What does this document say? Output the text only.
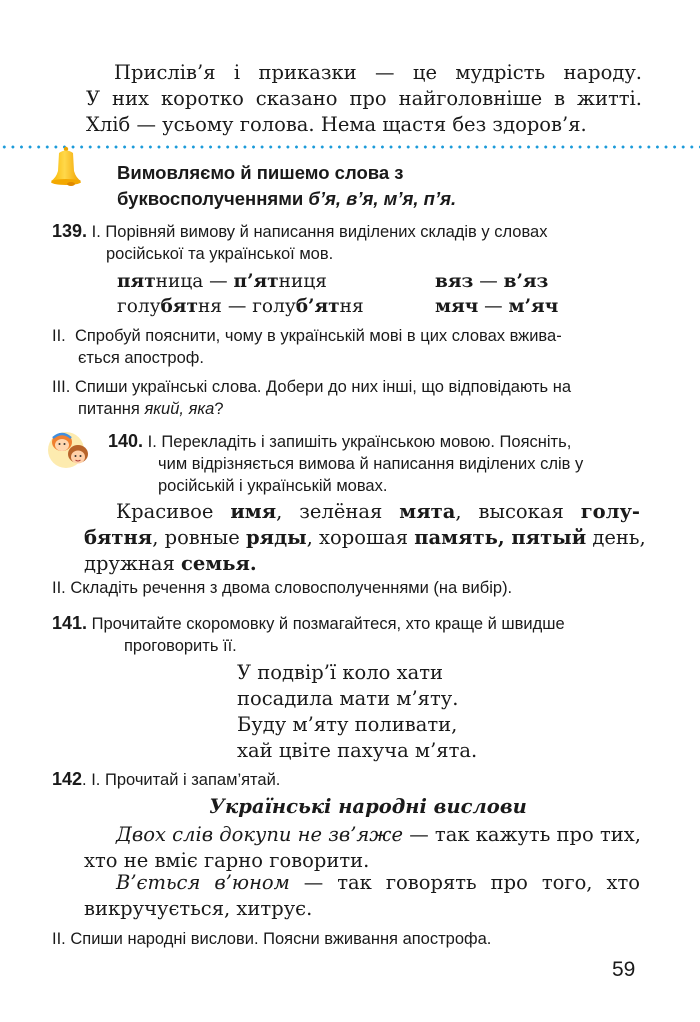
Прислів’я і приказки — це мудрість народу.
У них коротко сказано про найголовніше в житті.
Хліб — усьому голова. Нема щастя без здоров’я.
Вимовляємо й пишемо слова з
буквосполученнями б’я, в’я, м’я, п’я.
139. І. Порівняй вимову й написання виділених складів у словах
російської та української мов.
пятница — п’ятниця	вяз — в’яз
голубятня — голуб’ятня	мяч — м’яч
ІІ. Спробуй пояснити, чому в українській мові в цих словах вжива-
ється апостроф.
ІІІ. Спиши українські слова. Добери до них інші, що відповідають на
питання який, яка?
140. І. Перекладіть і запишіть українською мовою. Поясніть,
чим відрізняється вимова й написання виділених слів у
російській і українській мовах.
Красивое имя, зелёная мята, высокая голу-
бятня, ровные ряды, хорошая память, пятый день,
дружная семья.
ІІ. Складіть речення з двома словосполученнями (на вибір).
141. Прочитайте скоромовку й позмагайтеся, хто краще й швидше
проговорить її.
У подвір’ї коло хати
посадила мати м’яту.
Буду м’яту поливати,
хай цвіте пахуча м’ята.
142. І. Прочитай і запам’ятай.
Українські народні вислови
Двох слів докупи не зв’яже — так кажуть про тих,
хто не вміє гарно говорити.
В’ється в’юном — так говорять про того, хто
викручується, хитрує.
ІІ. Спиши народні вислови. Поясни вживання апострофа.
59
